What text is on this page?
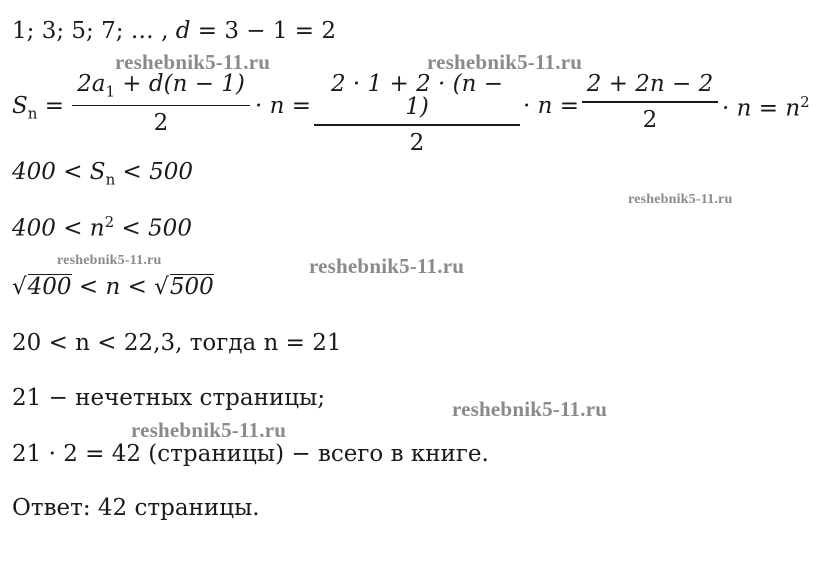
1; 3; 5; 7; … , 𝑑 = 3 − 1 = 2
$S_n$ =
$2a_1 + d(n - 1)$
2
· n =
2 · 1 + 2 · (n − 1)
2
· n =
2 + 2n − 2
2	· $n = n^2$
$400 < S_n < 500$
$400 < n^2 < 500$
√400 < n < √500
20 < n < 22,3, тогда n = 21
21 − нечетных страницы;
21 · 2 = 42 (страницы) − всего в книге.
Ответ: 42 страницы.
reshebnik5-11.ru	reshebnik5-11.ru
reshebnik5-11.ru
reshebnik5-11.ru	reshebnik5-11.ru
reshebnik5-11.ru
reshebnik5-11.ru
